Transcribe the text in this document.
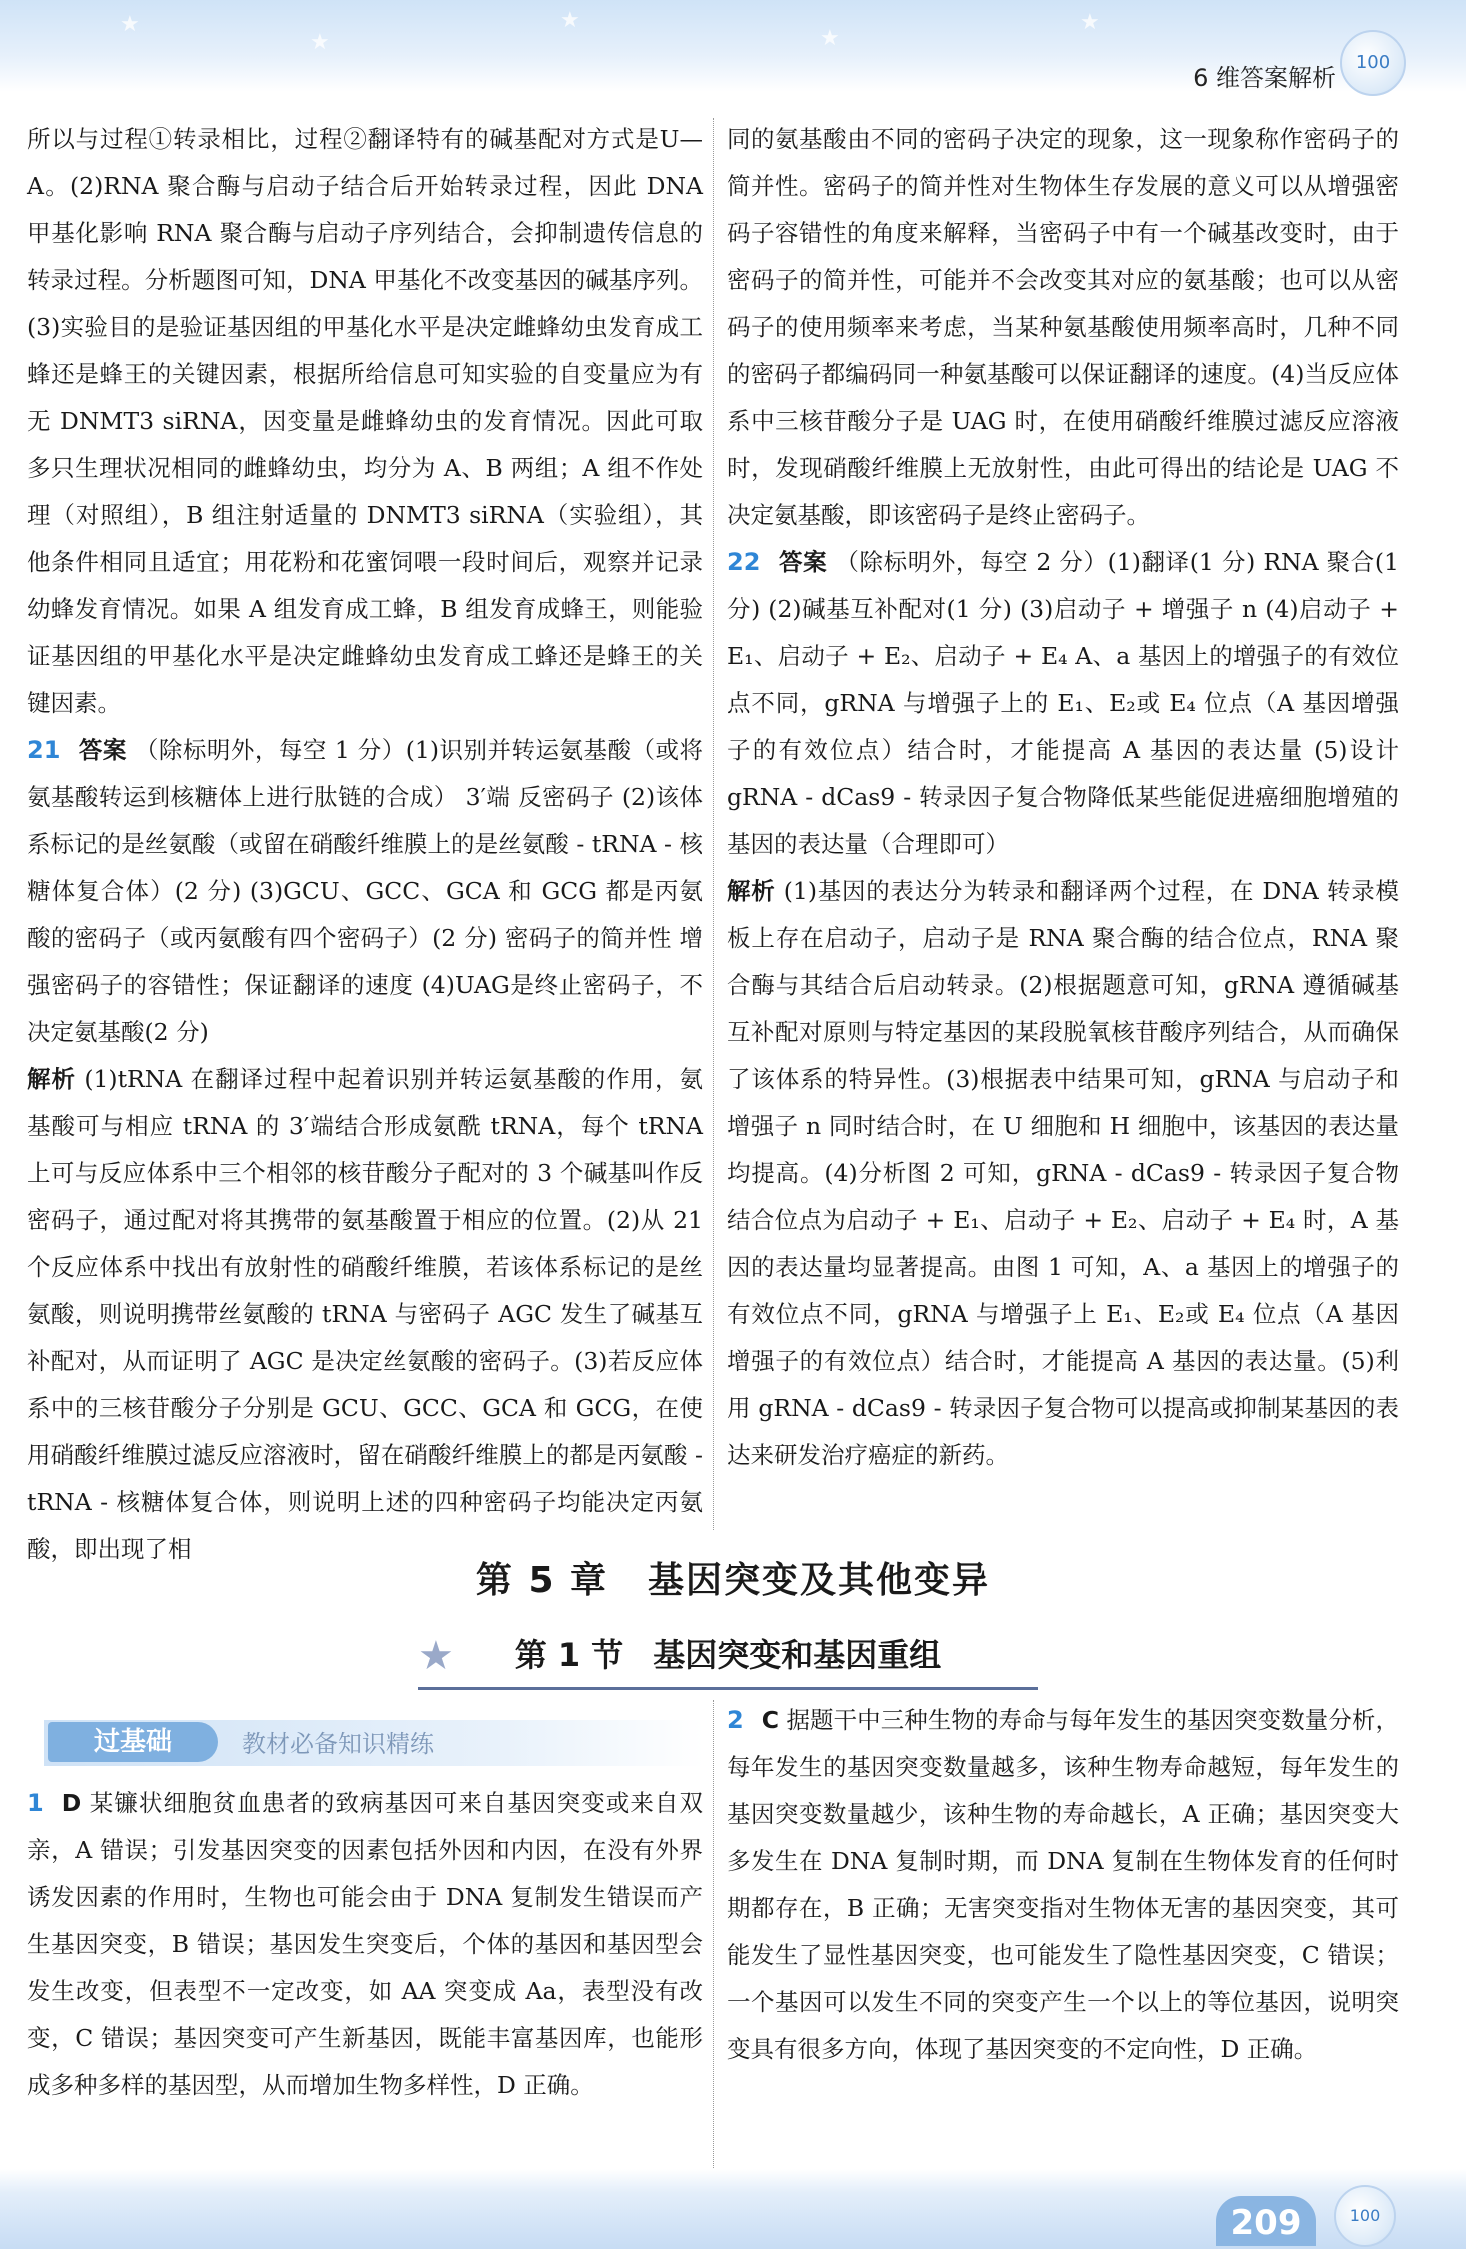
★
★
★
★
★
6 维答案解析
100

所以与过程①转录相比，过程②翻译特有的碱基配对方式是U—A。(2)RNA 聚合酶与启动子结合后开始转录过程，因此 DNA 甲基化影响 RNA 聚合酶与启动子序列结合，会抑制遗传信息的转录过程。分析题图可知，DNA 甲基化不改变基因的碱基序列。(3)实验目的是验证基因组的甲基化水平是决定雌蜂幼虫发育成工蜂还是蜂王的关键因素，根据所给信息可知实验的自变量应为有无 DNMT3 siRNA，因变量是雌蜂幼虫的发育情况。因此可取多只生理状况相同的雌蜂幼虫，均分为 A、B 两组；A 组不作处理（对照组），B 组注射适量的 DNMT3 siRNA（实验组），其他条件相同且适宜；用花粉和花蜜饲喂一段时间后，观察并记录幼蜂发育情况。如果 A 组发育成工蜂，B 组发育成蜂王，则能验证基因组的甲基化水平是决定雌蜂幼虫发育成工蜂还是蜂王的关键因素。

21 答案 （除标明外，每空 1 分）(1)识别并转运氨基酸（或将氨基酸转运到核糖体上进行肽链的合成） 3′端 反密码子 (2)该体系标记的是丝氨酸（或留在硝酸纤维膜上的是丝氨酸 - tRNA - 核糖体复合体）(2 分) (3)GCU、GCC、GCA 和 GCG 都是丙氨酸的密码子（或丙氨酸有四个密码子）(2 分) 密码子的简并性 增强密码子的容错性；保证翻译的速度 (4)UAG是终止密码子，不决定氨基酸(2 分)

解析 (1)tRNA 在翻译过程中起着识别并转运氨基酸的作用，氨基酸可与相应 tRNA 的 3′端结合形成氨酰 tRNA，每个 tRNA 上可与反应体系中三个相邻的核苷酸分子配对的 3 个碱基叫作反密码子，通过配对将其携带的氨基酸置于相应的位置。(2)从 21 个反应体系中找出有放射性的硝酸纤维膜，若该体系标记的是丝氨酸，则说明携带丝氨酸的 tRNA 与密码子 AGC 发生了碱基互补配对，从而证明了 AGC 是决定丝氨酸的密码子。(3)若反应体系中的三核苷酸分子分别是 GCU、GCC、GCA 和 GCG，在使用硝酸纤维膜过滤反应溶液时，留在硝酸纤维膜上的都是丙氨酸 - tRNA - 核糖体复合体，则说明上述的四种密码子均能决定丙氨酸，即出现了相

同的氨基酸由不同的密码子决定的现象，这一现象称作密码子的简并性。密码子的简并性对生物体生存发展的意义可以从增强密码子容错性的角度来解释，当密码子中有一个碱基改变时，由于密码子的简并性，可能并不会改变其对应的氨基酸；也可以从密码子的使用频率来考虑，当某种氨基酸使用频率高时，几种不同的密码子都编码同一种氨基酸可以保证翻译的速度。(4)当反应体系中三核苷酸分子是 UAG 时，在使用硝酸纤维膜过滤反应溶液时，发现硝酸纤维膜上无放射性，由此可得出的结论是 UAG 不决定氨基酸，即该密码子是终止密码子。

22 答案 （除标明外，每空 2 分）(1)翻译(1 分) RNA 聚合(1 分) (2)碱基互补配对(1 分) (3)启动子 + 增强子 n (4)启动子 + E₁、启动子 + E₂、启动子 + E₄ A、a 基因上的增强子的有效位点不同，gRNA 与增强子上的 E₁、E₂或 E₄ 位点（A 基因增强子的有效位点）结合时，才能提高 A 基因的表达量 (5)设计 gRNA - dCas9 - 转录因子复合物降低某些能促进癌细胞增殖的基因的表达量（合理即可）

解析 (1)基因的表达分为转录和翻译两个过程，在 DNA 转录模板上存在启动子，启动子是 RNA 聚合酶的结合位点，RNA 聚合酶与其结合后启动转录。(2)根据题意可知，gRNA 遵循碱基互补配对原则与特定基因的某段脱氧核苷酸序列结合，从而确保了该体系的特异性。(3)根据表中结果可知，gRNA 与启动子和增强子 n 同时结合时，在 U 细胞和 H 细胞中，该基因的表达量均提高。(4)分析图 2 可知，gRNA - dCas9 - 转录因子复合物结合位点为启动子 + E₁、启动子 + E₂、启动子 + E₄ 时，A 基因的表达量均显著提高。由图 1 可知，A、a 基因上的增强子的有效位点不同，gRNA 与增强子上 E₁、E₂或 E₄ 位点（A 基因增强子的有效位点）结合时，才能提高 A 基因的表达量。(5)利用 gRNA - dCas9 - 转录因子复合物可以提高或抑制某基因的表达来研发治疗癌症的新药。

第 5 章 基因突变及其他变异
★	第 1 节 基因突变和基因重组
过基础	教材必备知识精练

1 D 某镰状细胞贫血患者的致病基因可来自基因突变或来自双亲，A 错误；引发基因突变的因素包括外因和内因，在没有外界诱发因素的作用时，生物也可能会由于 DNA 复制发生错误而产生基因突变，B 错误；基因发生突变后，个体的基因和基因型会发生改变，但表型不一定改变，如 AA 突变成 Aa，表型没有改变，C 错误；基因突变可产生新基因，既能丰富基因库，也能形成多种多样的基因型，从而增加生物多样性，D 正确。

2 C 据题干中三种生物的寿命与每年发生的基因突变数量分析，每年发生的基因突变数量越多，该种生物寿命越短，每年发生的基因突变数量越少，该种生物的寿命越长，A 正确；基因突变大多发生在 DNA 复制时期，而 DNA 复制在生物体发育的任何时期都存在，B 正确；无害突变指对生物体无害的基因突变，其可能发生了显性基因突变，也可能发生了隐性基因突变，C 错误；一个基因可以发生不同的突变产生一个以上的等位基因，说明突变具有很多方向，体现了基因突变的不定向性，D 正确。

209	100
